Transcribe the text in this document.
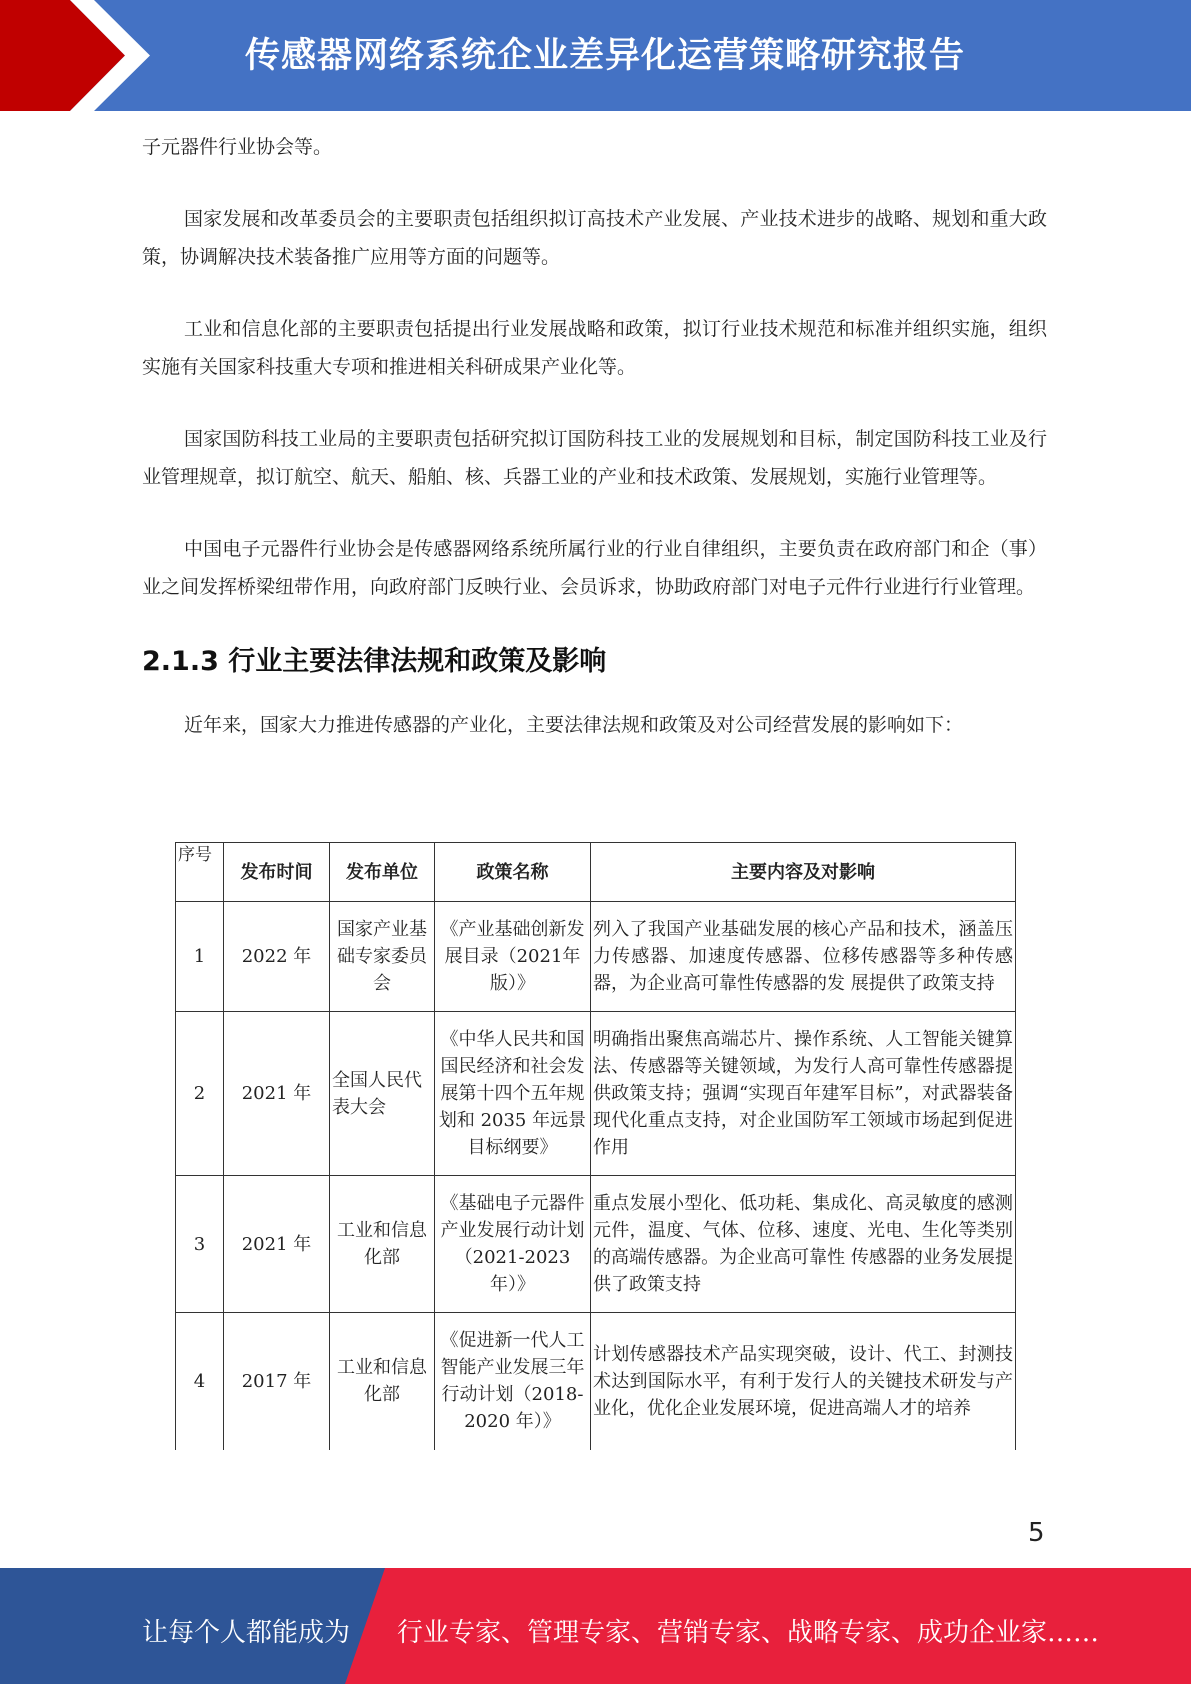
传感器网络系统企业差异化运营策略研究报告

子元器件行业协会等。

国家发展和改革委员会的主要职责包括组织拟订高技术产业发展、产业技术进步的战略、规划和重大政策，协调解决技术装备推广应用等方面的问题等。

工业和信息化部的主要职责包括提出行业发展战略和政策，拟订行业技术规范和标准并组织实施，组织实施有关国家科技重大专项和推进相关科研成果产业化等。

国家国防科技工业局的主要职责包括研究拟订国防科技工业的发展规划和目标，制定国防科技工业及行业管理规章，拟订航空、航天、船舶、核、兵器工业的产业和技术政策、发展规划，实施行业管理等。

中国电子元器件行业协会是传感器网络系统所属行业的行业自律组织，主要负责在政府部门和企（事）业之间发挥桥梁纽带作用，向政府部门反映行业、会员诉求，协助政府部门对电子元件行业进行行业管理。

2.1.3 行业主要法律法规和政策及影响

近年来，国家大力推进传感器的产业化，主要法律法规和政策及对公司经营发展的影响如下：

序号	发布时间	发布单位	政策名称	主要内容及对影响
1	2022 年	国家产业基础专家委员会	《产业基础创新发展目录（2021年版）》	列入了我国产业基础发展的核心产品和技术，涵盖压力传感器、加速度传感器、位移传感器等多种传感器，为企业高可靠性传感器的发 展提供了政策支持
2	2021 年	全国人民代表大会	《中华人民共和国国民经济和社会发展第十四个五年规划和 2035 年远景目标纲要》	明确指出聚焦高端芯片、操作系统、人工智能关键算法、传感器等关键领域，为发行人高可靠性传感器提供政策支持；强调“实现百年建军目标”，对武器装备现代化重点支持，对企业国防军工领域市场起到促进作用
3	2021 年	工业和信息化部	《基础电子元器件产业发展行动计划（2021-2023 年）》	重点发展小型化、低功耗、集成化、高灵敏度的感测元件，温度、气体、位移、速度、光电、生化等类别的高端传感器。为企业高可靠性 传感器的业务发展提供了政策支持
4	2017 年	工业和信息化部	《促进新一代人工智能产业发展三年行动计划（2018-2020 年）》	计划传感器技术产品实现突破，设计、代工、封测技术达到国际水平，有利于发行人的关键技术研发与产业化，优化企业发展环境，促进高端人才的培养
5
让每个人都能成为 行业专家、管理专家、营销专家、战略专家、成功企业家……
